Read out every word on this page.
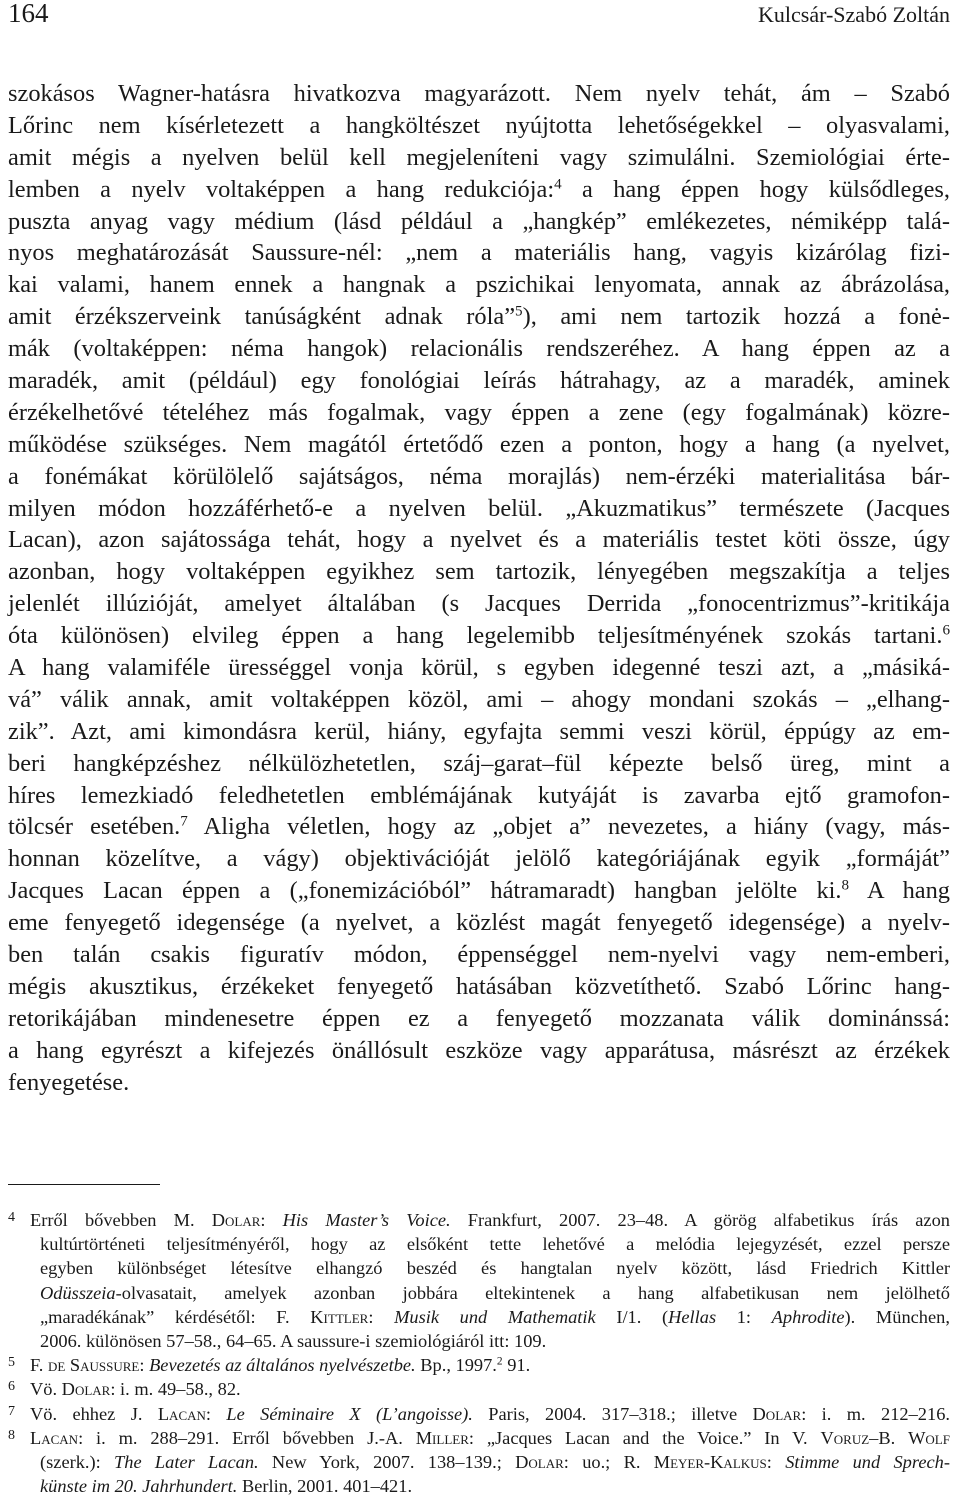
164	Kulcsár-Szabó Zoltán
szokásos Wagner-hatásra hivatkozva magyarázott. Nem nyelv tehát, ám – Szabó
Lőrinc nem kísérletezett a hangköltészet nyújtotta lehetőségekkel – olyasvalami,
amit mégis a nyelven belül kell megjeleníteni vagy szimulálni. Szemiológiai érte-
lemben a nyelv voltaképpen a hang redukciója:$^4$ a hang éppen hogy külsődleges,
puszta anyag vagy médium (lásd például a „hangkép” emlékezetes, némiképp talá-
nyos meghatározását Saussure-nél: „nem a materiális hang, vagyis kizárólag fizi-
kai valami, hanem ennek a hangnak a pszichikai lenyomata, annak az ábrázolása,
amit érzékszerveink tanúságként adnak róla”$^5$), ami nem tartozik hozzá a fonė-
mák (voltaképpen: néma hangok) relacionális rendszeréhez. A hang éppen az a
maradék, amit (például) egy fonológiai leírás hátrahagy, az a maradék, aminek
érzékelhetővé tételéhez más fogalmak, vagy éppen a zene (egy fogalmának) közre-
működése szükséges. Nem magától értetődő ezen a ponton, hogy a hang (a nyelvet,
a fonémákat körülölelő sajátságos, néma morajlás) nem-érzéki materialitása bár-
milyen módon hozzáférhető-e a nyelven belül. „Akuzmatikus” természete (Jacques
Lacan), azon sajátossága tehát, hogy a nyelvet és a materiális testet köti össze, úgy
azonban, hogy voltaképpen egyikhez sem tartozik, lényegében megszakítja a teljes
jelenlét illúzióját, amelyet általában (s Jacques Derrida „fonocentrizmus”-kritikája
óta különösen) elvileg éppen a hang legelemibb teljesítményének szokás tartani.$^6$
A hang valamiféle ürességgel vonja körül, s egyben idegenné teszi azt, a „másiká-
vá” válik annak, amit voltaképpen közöl, ami – ahogy mondani szokás – „elhang-
zik”. Azt, ami kimondásra kerül, hiány, egyfajta semmi veszi körül, éppúgy az em-
beri hangképzéshez nélkülözhetetlen, száj–garat–fül képezte belső üreg, mint a
híres lemezkiadó feledhetetlen emblémájának kutyáját is zavarba ejtő gramofon-
tölcsér esetében.$^7$ Aligha véletlen, hogy az „objet a” nevezetes, a hiány (vagy, más-
honnan közelítve, a vágy) objektivációját jelölő kategóriájának egyik „formáját”
Jacques Lacan éppen a („fonemizációból” hátramaradt) hangban jelölte ki.$^8$ A hang
eme fenyegető idegensége (a nyelvet, a közlést magát fenyegető idegensége) a nyelv-
ben talán csakis figuratív módon, éppenséggel nem-nyelvi vagy nem-emberi,
mégis akusztikus, érzékeket fenyegető hatásában közvetíthető. Szabó Lőrinc hang-
retorikájában mindenesetre éppen ez a fenyegető mozzanata válik dominánssá:
a hang egyrészt a kifejezés önállósult eszköze vagy apparátusa, másrészt az érzékek
fenyegetése.
4 Erről bővebben M. Dolar: His Master’s Voice. Frankfurt, 2007. 23–48. A görög alfabetikus írás azon
kultúrtörténeti teljesítményéről, hogy az elsőként tette lehetővé a melódia lejegyzését, ezzel persze
egyben különbséget létesítve elhangzó beszéd és hangtalan nyelv között, lásd Friedrich Kittler
Odüsszeia-olvasatait, amelyek azonban jobbára eltekintenek a hang alfabetikusan nem jelölhető
„maradékának” kérdésétől: F. Kittler: Musik und Mathematik I/1. (Hellas 1: Aphrodite). München,
2006. különösen 57–58., 64–65. A saussure-i szemiológiáról itt: 109.
5 F. de Saussure: Bevezetés az általános nyelvészetbe. Bp., 1997.$^2$ 91.
6 Vö. Dolar: i. m. 49–58., 82.
7 Vö. ehhez J. Lacan: Le Séminaire X (L’angoisse). Paris, 2004. 317–318.; illetve Dolar: i. m. 212–216.
8 Lacan: i. m. 288–291. Erről bővebben J.-A. Miller: „Jacques Lacan and the Voice.” In V. Voruz–B. Wolf
(szerk.): The Later Lacan. New York, 2007. 138–139.; Dolar: uo.; R. Meyer-Kalkus: Stimme und Sprech-
künste im 20. Jahrhundert. Berlin, 2001. 401–421.
